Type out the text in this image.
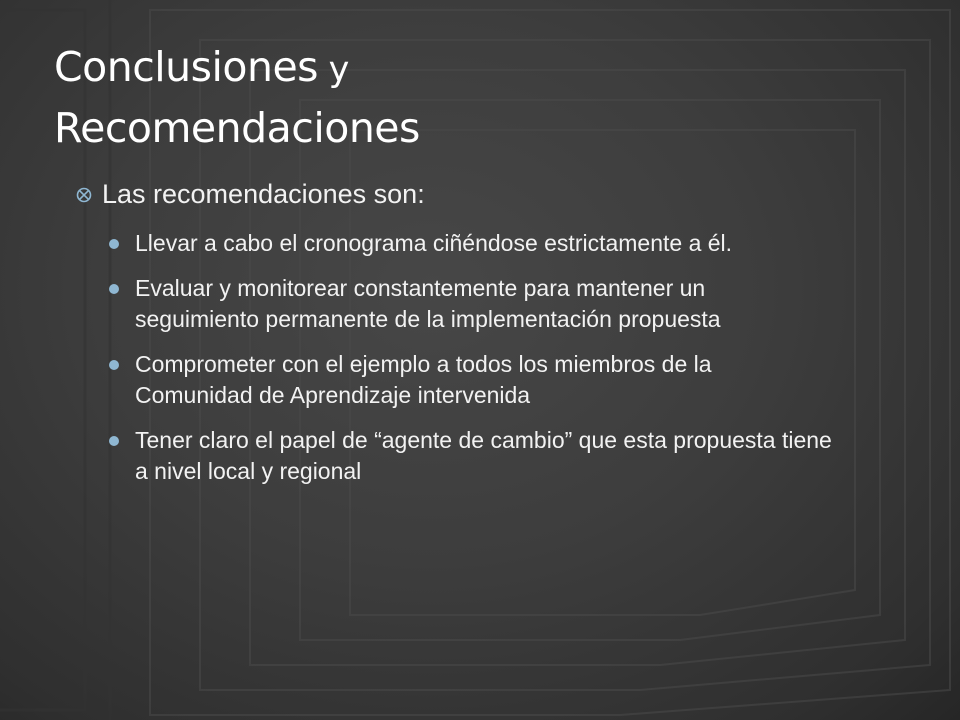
Conclusiones y
Recomendaciones
Las recomendaciones son:
Llevar a cabo el cronograma ciñéndose estrictamente a él.
Evaluar y monitorear constantemente para mantener un seguimiento permanente de la implementación propuesta
Comprometer con el ejemplo a todos los miembros de la Comunidad de Aprendizaje intervenida
Tener claro el papel de “agente de cambio” que esta propuesta tiene a nivel local y regional
